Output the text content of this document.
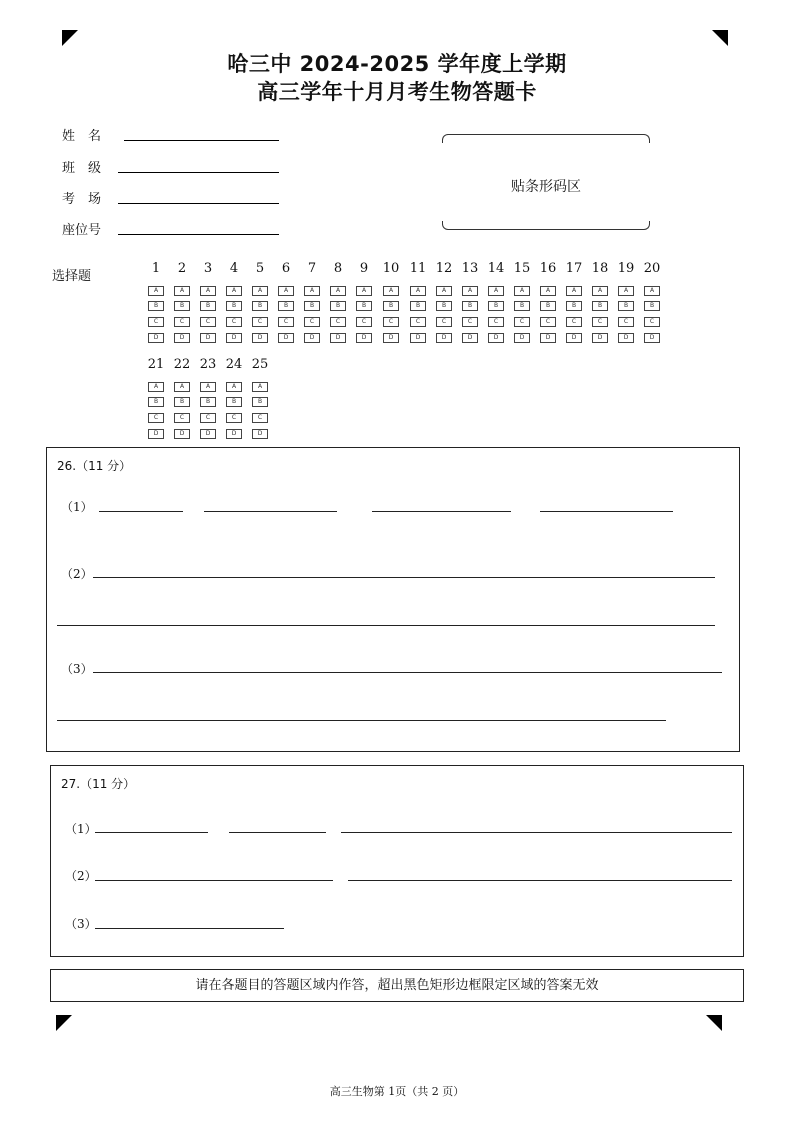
哈三中 2024-2025 学年度上学期
高三学年十月月考生物答题卡
姓　名
班　级
考　场
座位号
贴条形码区
选择题
1
A
B
C
D
2
A
B
C
D
3
A
B
C
D
4
A
B
C
D
5
A
B
C
D
6
A
B
C
D
7
A
B
C
D
8
A
B
C
D
9
A
B
C
D
10
A
B
C
D
11
A
B
C
D
12
A
B
C
D
13
A
B
C
D
14
A
B
C
D
15
A
B
C
D
16
A
B
C
D
17
A
B
C
D
18
A
B
C
D
19
A
B
C
D
20
A
B
C
D
21
A
B
C
D
22
A
B
C
D
23
A
B
C
D
24
A
B
C
D
25
A
B
C
D
26.（11 分）
（1）
（2）
（3）
27.（11 分）
（1）
（2）
（3）
请在各题目的答题区域内作答，超出黑色矩形边框限定区域的答案无效
高三生物第 1页（共 2 页）
